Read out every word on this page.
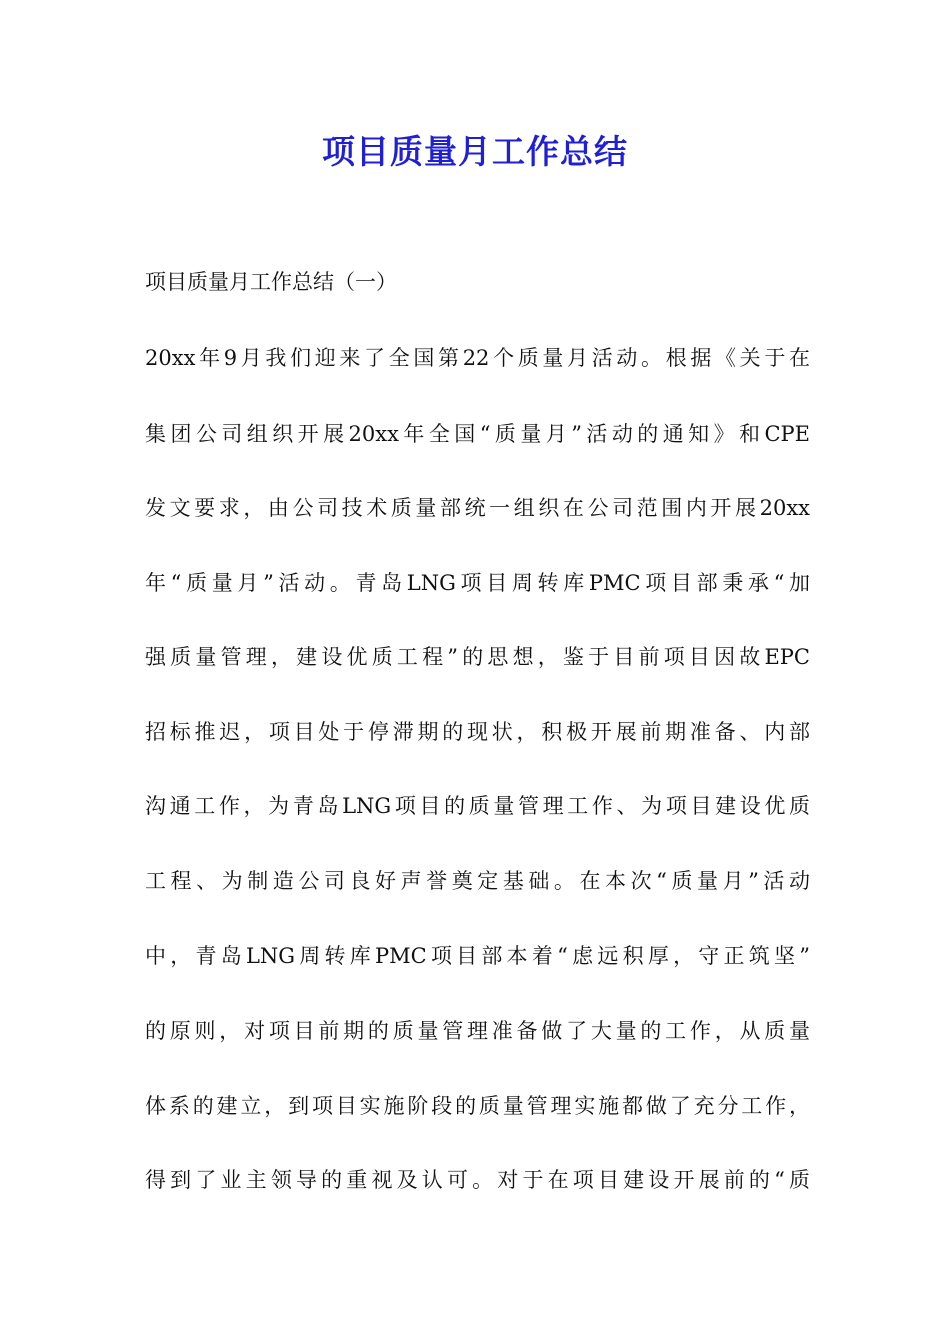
项目质量月工作总结

项目质量月工作总结（一）

20xx年9月我们迎来了全国第22个质量月活动。根据《关于在

集团公司组织开展20xx年全国“质量月”活动的通知》和CPE

发文要求，由公司技术质量部统一组织在公司范围内开展20xx

年“质量月”活动。青岛LNG项目周转库PMC项目部秉承“加

强质量管理，建设优质工程”的思想，鉴于目前项目因故EPC

招标推迟，项目处于停滞期的现状，积极开展前期准备、内部

沟通工作，为青岛LNG项目的质量管理工作、为项目建设优质

工程、为制造公司良好声誉奠定基础。在本次“质量月”活动

中，青岛LNG周转库PMC项目部本着“虑远积厚，守正筑坚”

的原则，对项目前期的质量管理准备做了大量的工作，从质量

体系的建立，到项目实施阶段的质量管理实施都做了充分工作，

得到了业主领导的重视及认可。对于在项目建设开展前的“质
